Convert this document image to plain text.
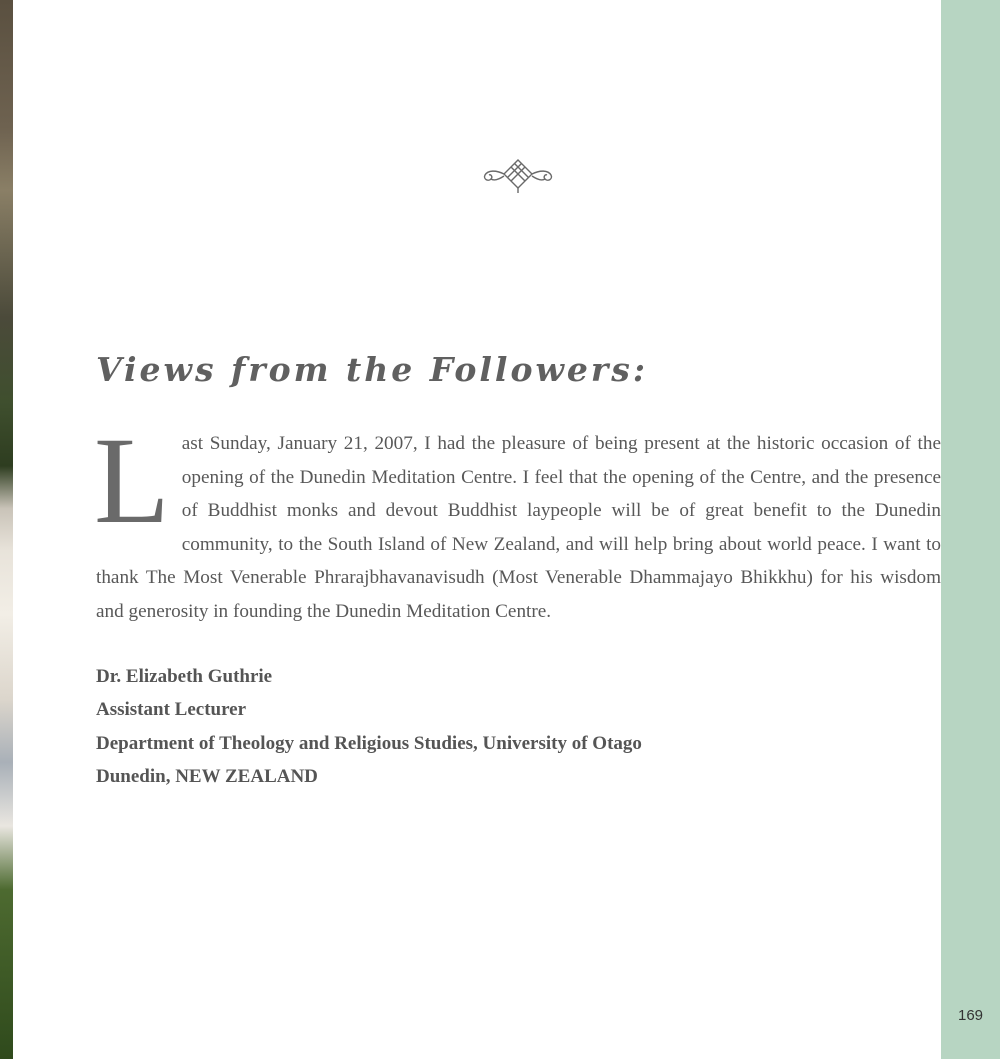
Views from the Followers:

Last Sunday, January 21, 2007, I had the pleasure of being present at the historic occasion of the opening of the Dunedin Meditation Centre. I feel that the opening of the Centre, and the presence of Buddhist monks and devout Buddhist laypeople will be of great benefit to the Dunedin community, to the South Island of New Zealand, and will help bring about world peace. I want to thank The Most Venerable Phrarajbhavanavisudh (Most Venerable Dhammajayo Bhikkhu) for his wisdom and generosity in founding the Dunedin Meditation Centre.

Dr. Elizabeth Guthrie
Assistant Lecturer
Department of Theology and Religious Studies, University of Otago
Dunedin, NEW ZEALAND
169
